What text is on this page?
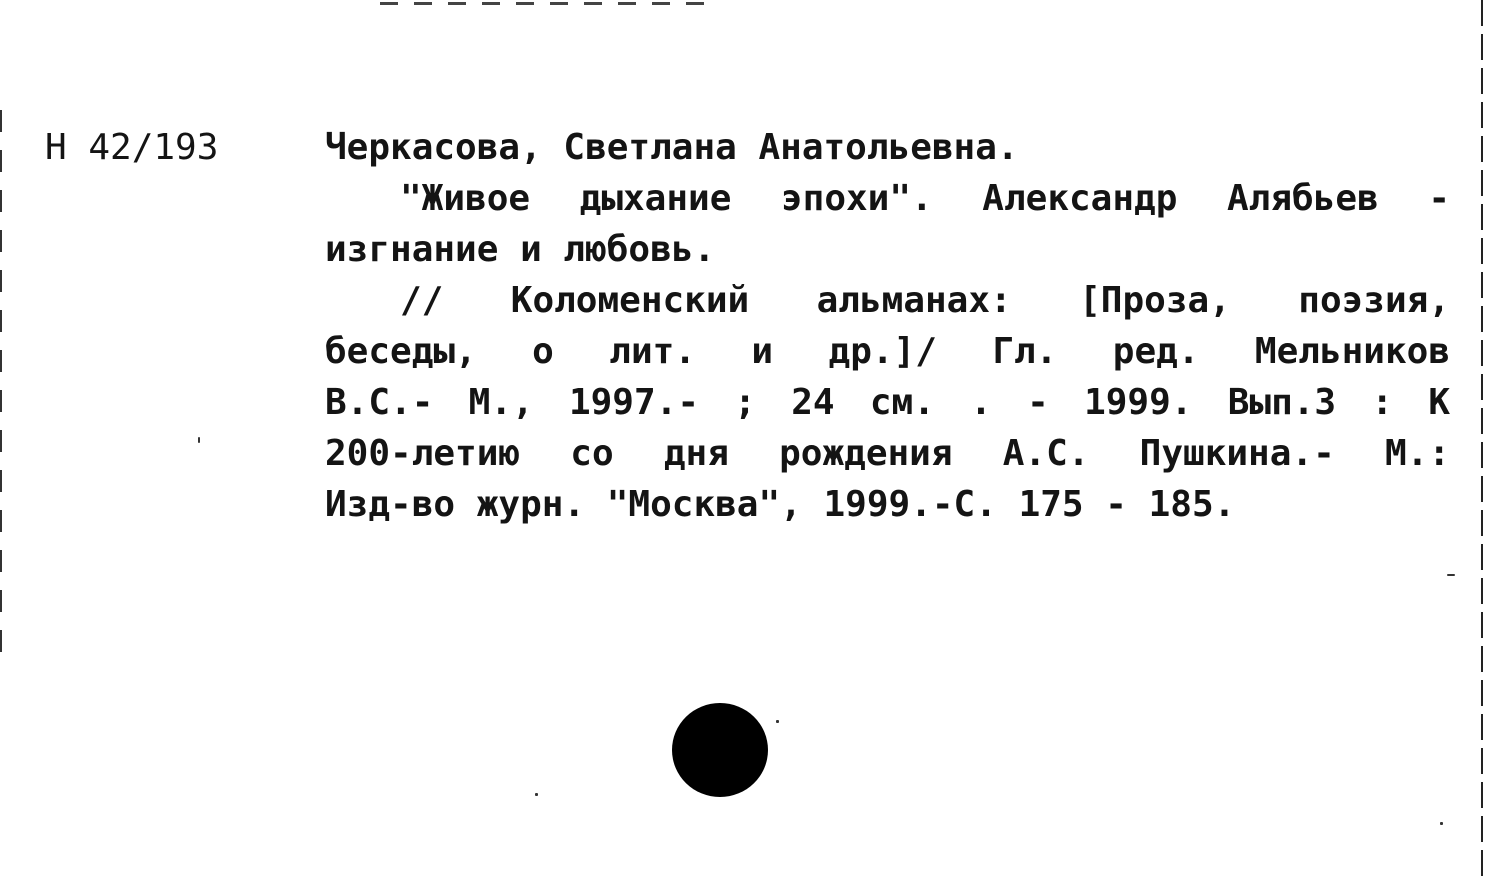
Н 42/193	Черкасова, Светлана Анатольевна.
"Живое дыхание эпохи". Александр Алябьев -
изгнание и любовь.
// Коломенский альманах: [Проза, поэзия,
беседы, о лит. и др.]/ Гл. ред. Мельников
В.С.- М., 1997.- ; 24 см. . - 1999. Вып.3 : К
200-летию со дня рождения А.С. Пушкина.- М.:
Изд-во журн. "Москва", 1999.-С. 175 - 185.
